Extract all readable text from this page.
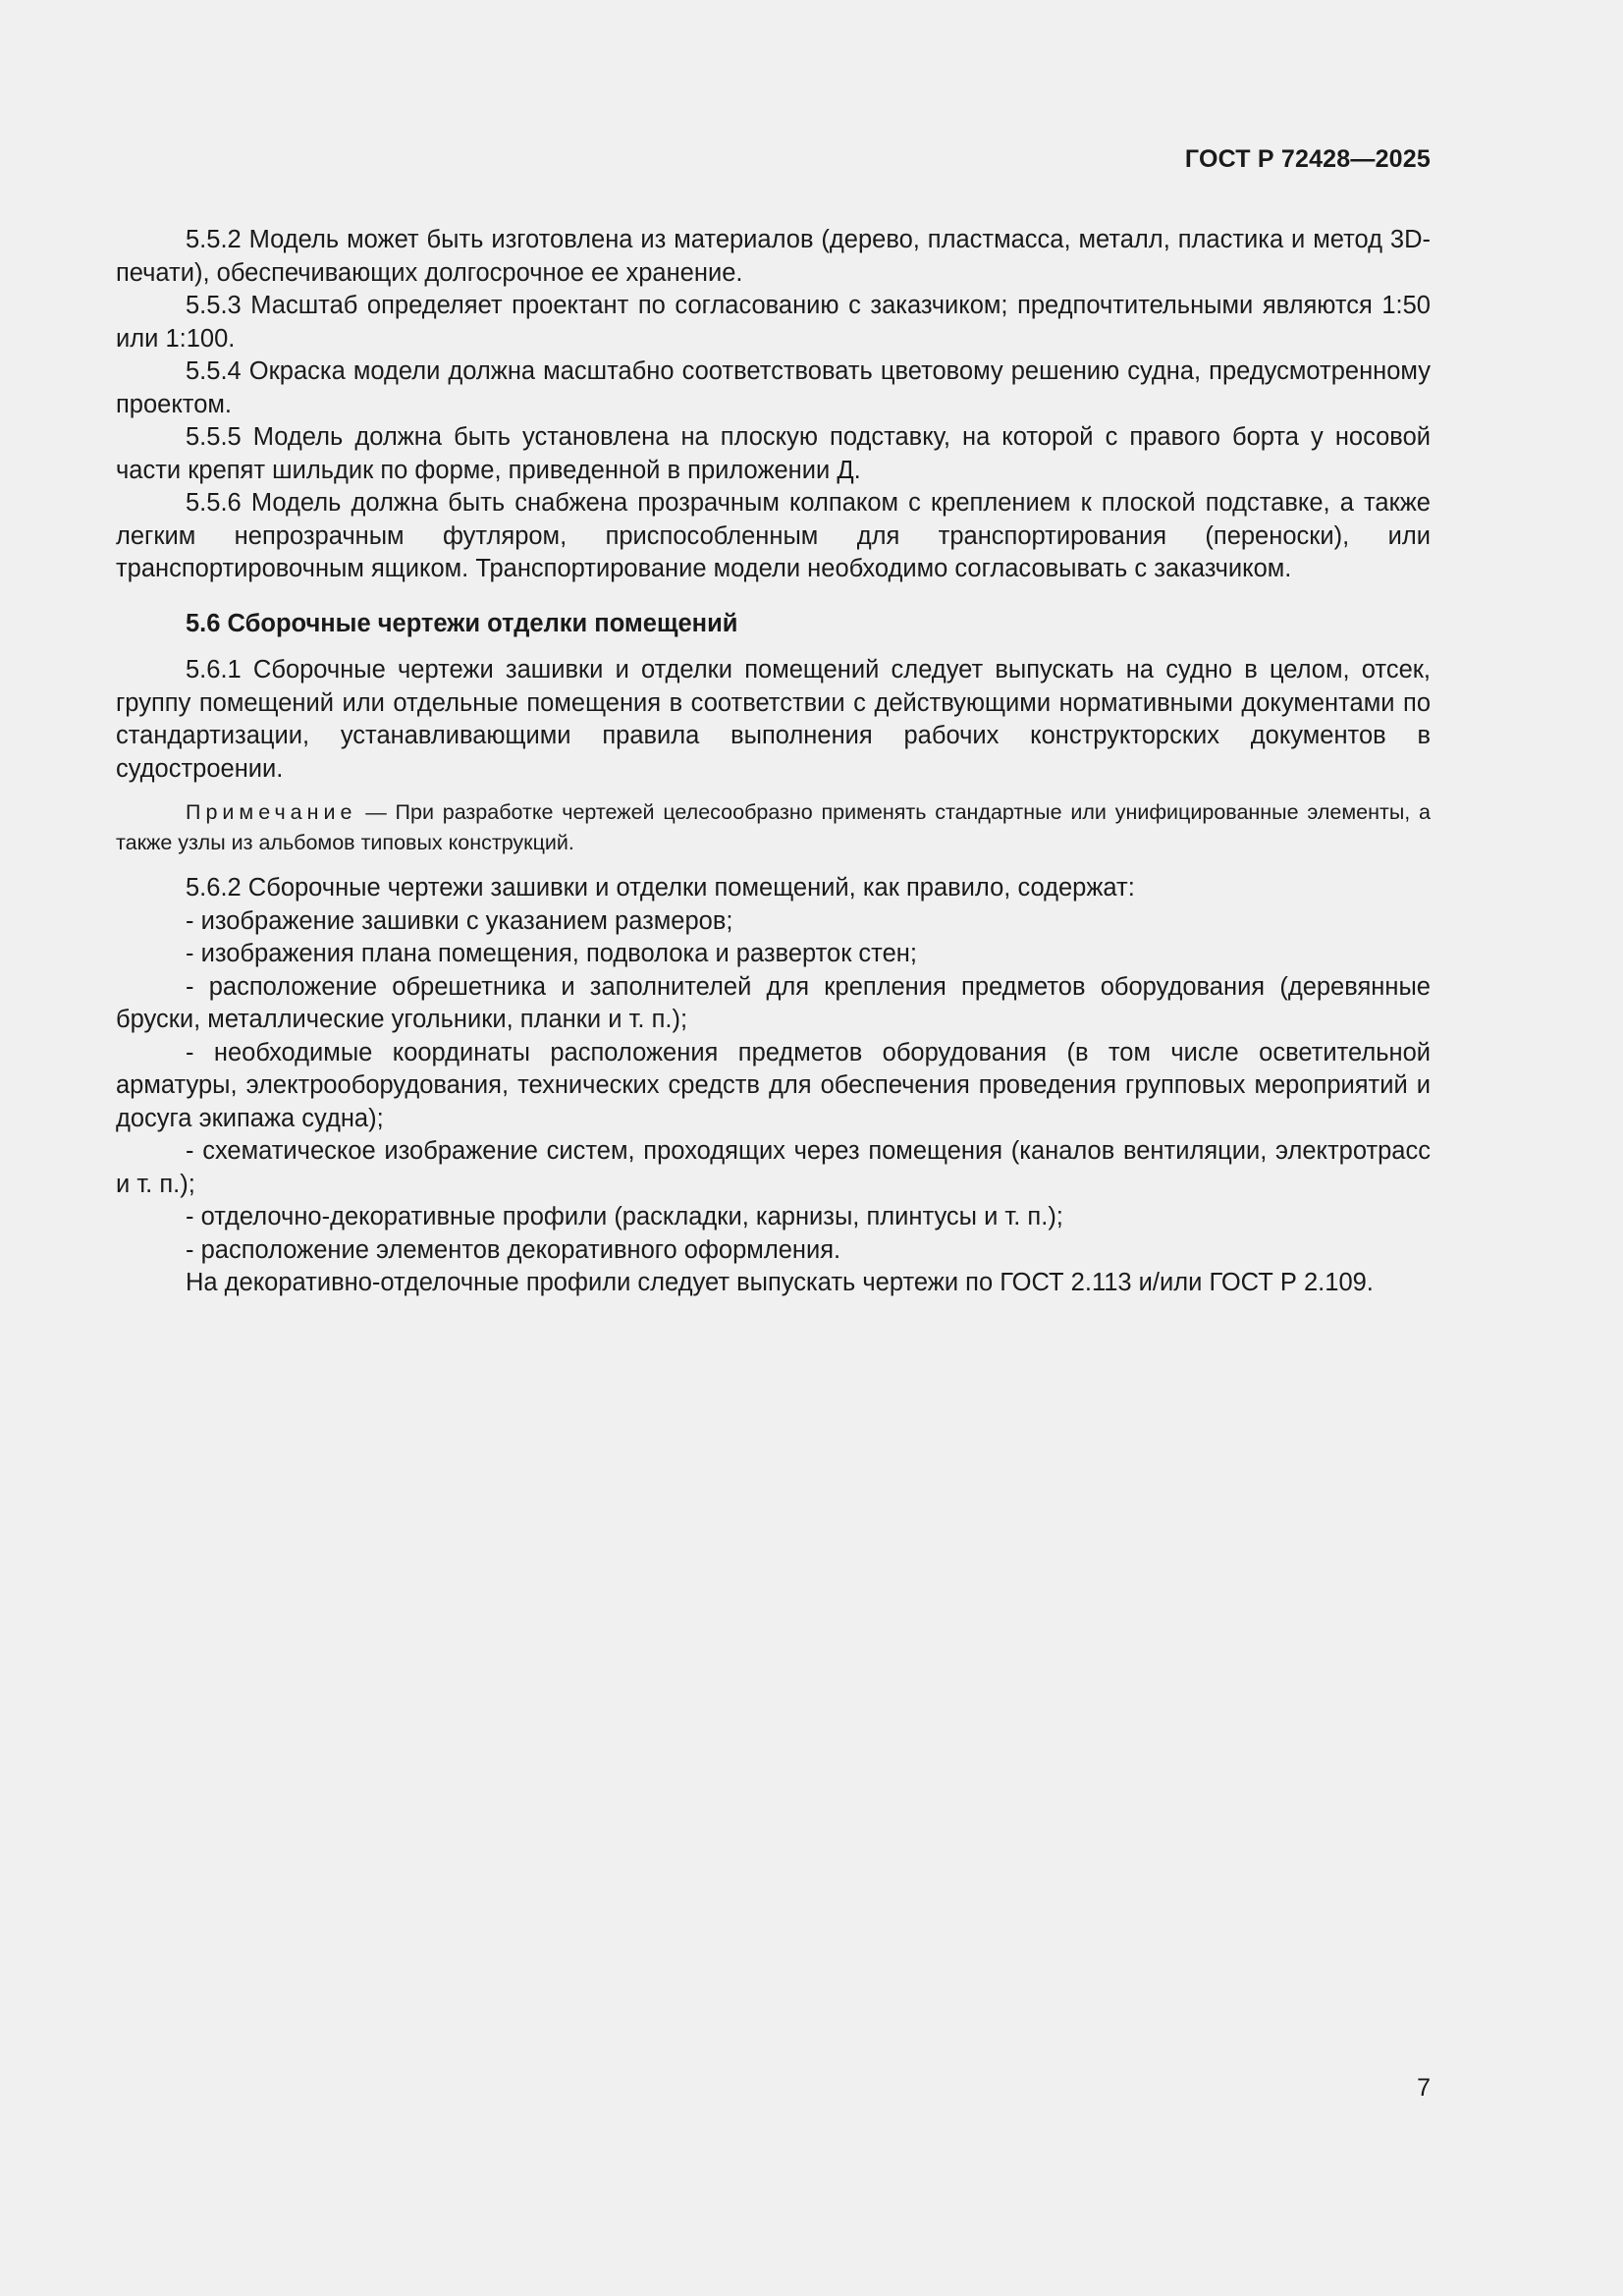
ГОСТ Р 72428—2025

5.5.2 Модель может быть изготовлена из материалов (дерево, пластмасса, металл, пластика и метод 3D-печати), обеспечивающих долгосрочное ее хранение.

5.5.3 Масштаб определяет проектант по согласованию с заказчиком; предпочтительными являются 1:50 или 1:100.

5.5.4 Окраска модели должна масштабно соответствовать цветовому решению судна, предусмотренному проектом.

5.5.5 Модель должна быть установлена на плоскую подставку, на которой с правого борта у носовой части крепят шильдик по форме, приведенной в приложении Д.

5.5.6 Модель должна быть снабжена прозрачным колпаком с креплением к плоской подставке, а также легким непрозрачным футляром, приспособленным для транспортирования (переноски), или транспортировочным ящиком. Транспортирование модели необходимо согласовывать с заказчиком.

5.6 Сборочные чертежи отделки помещений

5.6.1 Сборочные чертежи зашивки и отделки помещений следует выпускать на судно в целом, отсек, группу помещений или отдельные помещения в соответствии с действующими нормативными документами по стандартизации, устанавливающими правила выполнения рабочих конструкторских документов в судостроении.

Примечание — При разработке чертежей целесообразно применять стандартные или унифицированные элементы, а также узлы из альбомов типовых конструкций.

5.6.2 Сборочные чертежи зашивки и отделки помещений, как правило, содержат:

- изображение зашивки с указанием размеров;

- изображения плана помещения, подволока и разверток стен;

- расположение обрешетника и заполнителей для крепления предметов оборудования (деревянные бруски, металлические угольники, планки и т. п.);

- необходимые координаты расположения предметов оборудования (в том числе осветительной арматуры, электрооборудования, технических средств для обеспечения проведения групповых мероприятий и досуга экипажа судна);

- схематическое изображение систем, проходящих через помещения (каналов вентиляции, электротрасс и т. п.);

- отделочно-декоративные профили (раскладки, карнизы, плинтусы и т. п.);

- расположение элементов декоративного оформления.

На декоративно-отделочные профили следует выпускать чертежи по ГОСТ 2.113 и/или ГОСТ Р 2.109.

7
